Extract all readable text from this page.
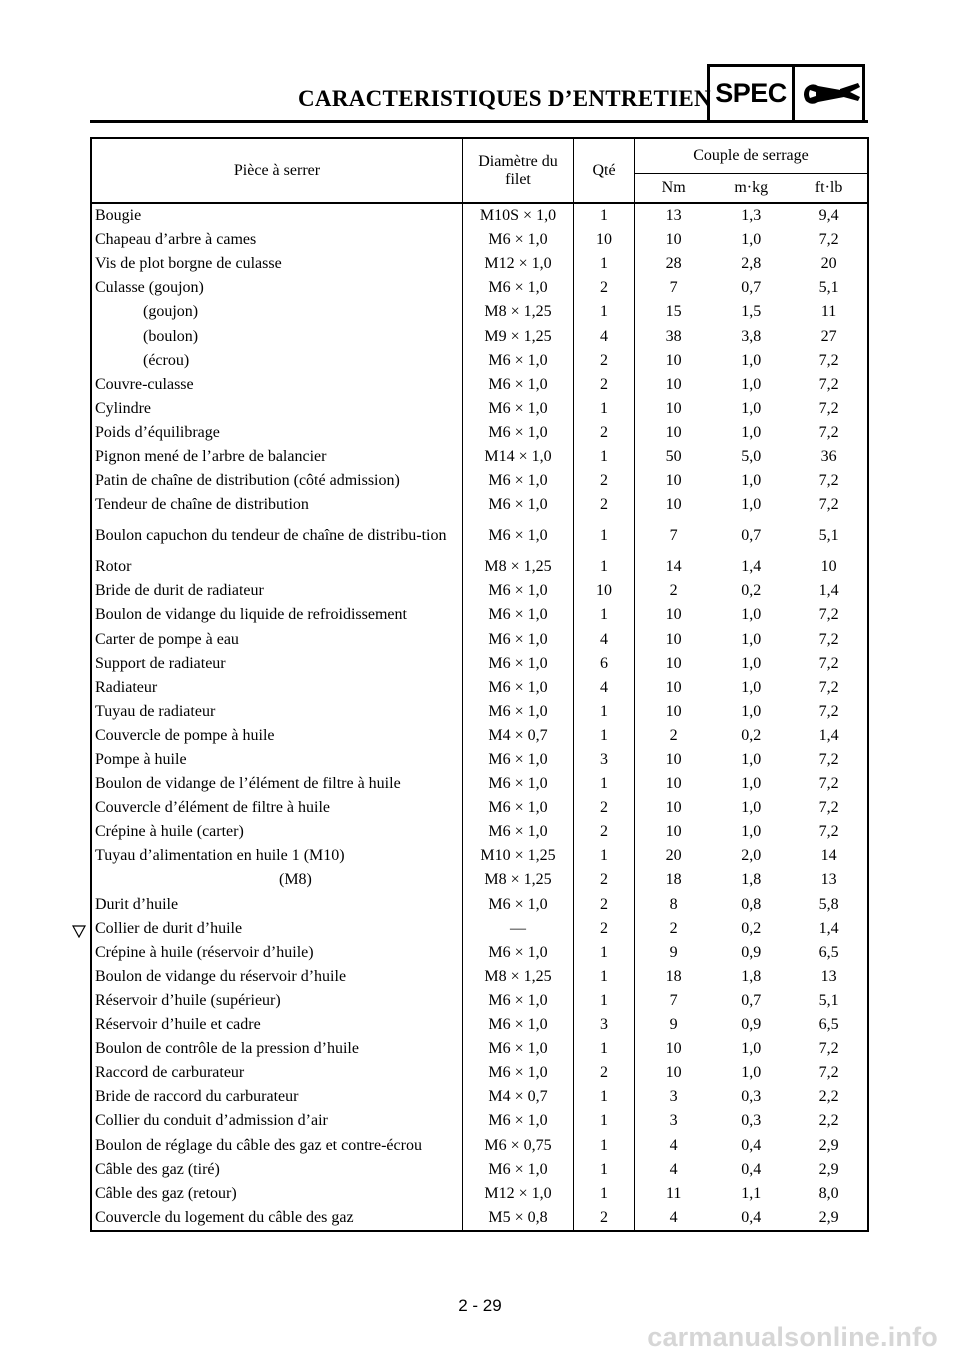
CARACTERISTIQUES D’ENTRETIEN SPEC
Pièce à serrer	Diamètre du filet	Qté	Couple de serrage		
			Nm	m·kg	ft·lb
Bougie	M10S × 1,0	1	13	1,3	9,4
Chapeau d’arbre à cames	M6 × 1,0	10	10	1,0	7,2
Vis de plot borgne de culasse	M12 × 1,0	1	28	2,8	20
Culasse (goujon)	M6 × 1,0	2	7	0,7	5,1
(goujon)	M8 × 1,25	1	15	1,5	11
(boulon)	M9 × 1,25	4	38	3,8	27
(écrou)	M6 × 1,0	2	10	1,0	7,2
Couvre-culasse	M6 × 1,0	2	10	1,0	7,2
Cylindre	M6 × 1,0	1	10	1,0	7,2
Poids d’équilibrage	M6 × 1,0	2	10	1,0	7,2
Pignon mené de l’arbre de balancier	M14 × 1,0	1	50	5,0	36
Patin de chaîne de distribution (côté admission)	M6 × 1,0	2	10	1,0	7,2
Tendeur de chaîne de distribution	M6 × 1,0	2	10	1,0	7,2

Boulon capuchon du tendeur de chaîne de distribu-tion	M6 × 1,0	1	7	0,7	5,1
Rotor	M8 × 1,25	1	14	1,4	10
Bride de durit de radiateur	M6 × 1,0	10	2	0,2	1,4
Boulon de vidange du liquide de refroidissement	M6 × 1,0	1	10	1,0	7,2
Carter de pompe à eau	M6 × 1,0	4	10	1,0	7,2
Support de radiateur	M6 × 1,0	6	10	1,0	7,2
Radiateur	M6 × 1,0	4	10	1,0	7,2
Tuyau de radiateur	M6 × 1,0	1	10	1,0	7,2
Couvercle de pompe à huile	M4 × 0,7	1	2	0,2	1,4
Pompe à huile	M6 × 1,0	3	10	1,0	7,2
Boulon de vidange de l’élément de filtre à huile	M6 × 1,0	1	10	1,0	7,2
Couvercle d’élément de filtre à huile	M6 × 1,0	2	10	1,0	7,2
Crépine à huile (carter)	M6 × 1,0	2	10	1,0	7,2
Tuyau d’alimentation en huile 1 (M10)	M10 × 1,25	1	20	2,0	14
(M8)	M8 × 1,25	2	18	1,8	13
Durit d’huile	M6 × 1,0	2	8	0,8	5,8
Collier de durit d’huile	—	2	2	0,2	1,4
Crépine à huile (réservoir d’huile)	M6 × 1,0	1	9	0,9	6,5
Boulon de vidange du réservoir d’huile	M8 × 1,25	1	18	1,8	13
Réservoir d’huile (supérieur)	M6 × 1,0	1	7	0,7	5,1
Réservoir d’huile et cadre	M6 × 1,0	3	9	0,9	6,5
Boulon de contrôle de la pression d’huile	M6 × 1,0	1	10	1,0	7,2
Raccord de carburateur	M6 × 1,0	2	10	1,0	7,2
Bride de raccord du carburateur	M4 × 0,7	1	3	0,3	2,2
Collier du conduit d’admission d’air	M6 × 1,0	1	3	0,3	2,2
Boulon de réglage du câble des gaz et contre-écrou	M6 × 0,75	1	4	0,4	2,9
Câble des gaz (tiré)	M6 × 1,0	1	4	0,4	2,9
Câble des gaz (retour)	M12 × 1,0	1	11	1,1	8,0
Couvercle du logement du câble des gaz	M5 × 0,8	2	4	0,4	2,9
2 - 29
carmanualsonline.info
